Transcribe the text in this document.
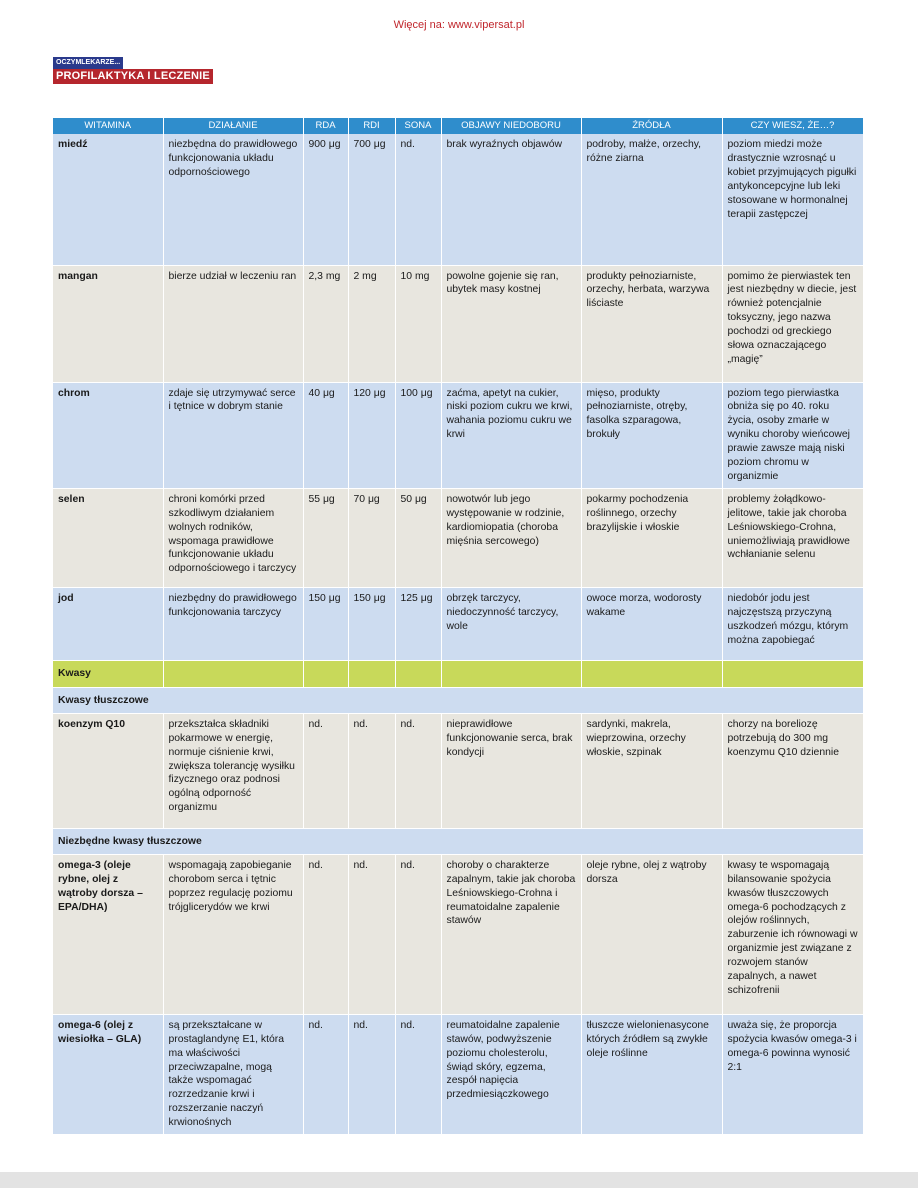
Więcej na: www.vipersat.pl
OCZYMLEKARZE...
PROFILAKTYKA I LECZENIE
WITAMINA	DZIAŁANIE	RDA	RDI	SONA	OBJAWY NIEDOBORU	ŹRÓDŁA	CZY WIESZ, ŻE…?
miedź	niezbędna do prawidłowego funkcjonowania układu odpornościowego	900 μg	700 μg	nd.	brak wyraźnych objawów	podroby, małże, orzechy, różne ziarna	poziom miedzi może drastycznie wzrosnąć u kobiet przyjmujących pigułki antykoncepcyjne lub leki stosowane w hormonalnej terapii zastępczej
mangan	bierze udział w leczeniu ran	2,3 mg	2 mg	10 mg	powolne gojenie się ran, ubytek masy kostnej	produkty pełnoziarniste, orzechy, herbata, warzywa liściaste	pomimo że pierwiastek ten jest niezbędny w diecie, jest również potencjalnie toksyczny, jego nazwa pochodzi od greckiego słowa oznaczającego „magię”
chrom	zdaje się utrzymywać serce i tętnice w dobrym stanie	40 μg	120 μg	100 μg	zaćma, apetyt na cukier, niski poziom cukru we krwi, wahania poziomu cukru we krwi	mięso, produkty pełnoziarniste, otręby, fasolka szparagowa, brokuły	poziom tego pierwiastka obniża się po 40. roku życia, osoby zmarłe w wyniku choroby wieńcowej prawie zawsze mają niski poziom chromu w organizmie
selen	chroni komórki przed szkodliwym działaniem wolnych rodników, wspomaga prawidłowe funkcjonowanie układu odpornościowego i tarczycy	55 μg	70 μg	50 μg	nowotwór lub jego występowanie w rodzinie, kardiomiopatia (choroba mięśnia sercowego)	pokarmy pochodzenia roślinnego, orzechy brazylijskie i włoskie	problemy żołądkowo-jelitowe, takie jak choroba Leśniowskiego-Crohna, uniemożliwiają prawidłowe wchłanianie selenu
jod	niezbędny do prawidłowego funkcjonowania tarczycy	150 μg	150 μg	125 μg	obrzęk tarczycy, niedoczynność tarczycy, wole	owoce morza, wodorosty wakame	niedobór jodu jest najczęstszą przyczyną uszkodzeń mózgu, którym można zapobiegać
Kwasy							
Kwasy tłuszczowe							
koenzym Q10	przekształca składniki pokarmowe w energię, normuje ciśnienie krwi, zwiększa tolerancję wysiłku fizycznego oraz podnosi ogólną odporność organizmu	nd.	nd.	nd.	nieprawidłowe funkcjonowanie serca, brak kondycji	sardynki, makrela, wieprzowina, orzechy włoskie, szpinak	chorzy na boreliozę potrzebują do 300 mg koenzymu Q10 dziennie
Niezbędne kwasy tłuszczowe							
omega-3 (oleje rybne, olej z wątroby dorsza – EPA/DHA)	wspomagają zapobieganie chorobom serca i tętnic poprzez regulację poziomu trójglicerydów we krwi	nd.	nd.	nd.	choroby o charakterze zapalnym, takie jak choroba Leśniowskiego-Crohna i reumatoidalne zapalenie stawów	oleje rybne, olej z wątroby dorsza	kwasy te wspomagają bilansowanie spożycia kwasów tłuszczowych omega-6 pochodzących z olejów roślinnych, zaburzenie ich równowagi w organizmie jest związane z rozwojem stanów zapalnych, a nawet schizofrenii
omega-6 (olej z wiesiołka – GLA)	są przekształcane w prostaglandynę E1, która ma właściwości przeciwzapalne, mogą także wspomagać rozrzedzanie krwi i rozszerzanie naczyń krwionośnych	nd.	nd.	nd.	reumatoidalne zapalenie stawów, podwyższenie poziomu cholesterolu, świąd skóry, egzema, zespół napięcia przedmiesiączkowego	tłuszcze wielonienasycone których źródłem są zwykłe oleje roślinne	uważa się, że proporcja spożycia kwasów omega-3 i omega-6 powinna wynosić 2:1
